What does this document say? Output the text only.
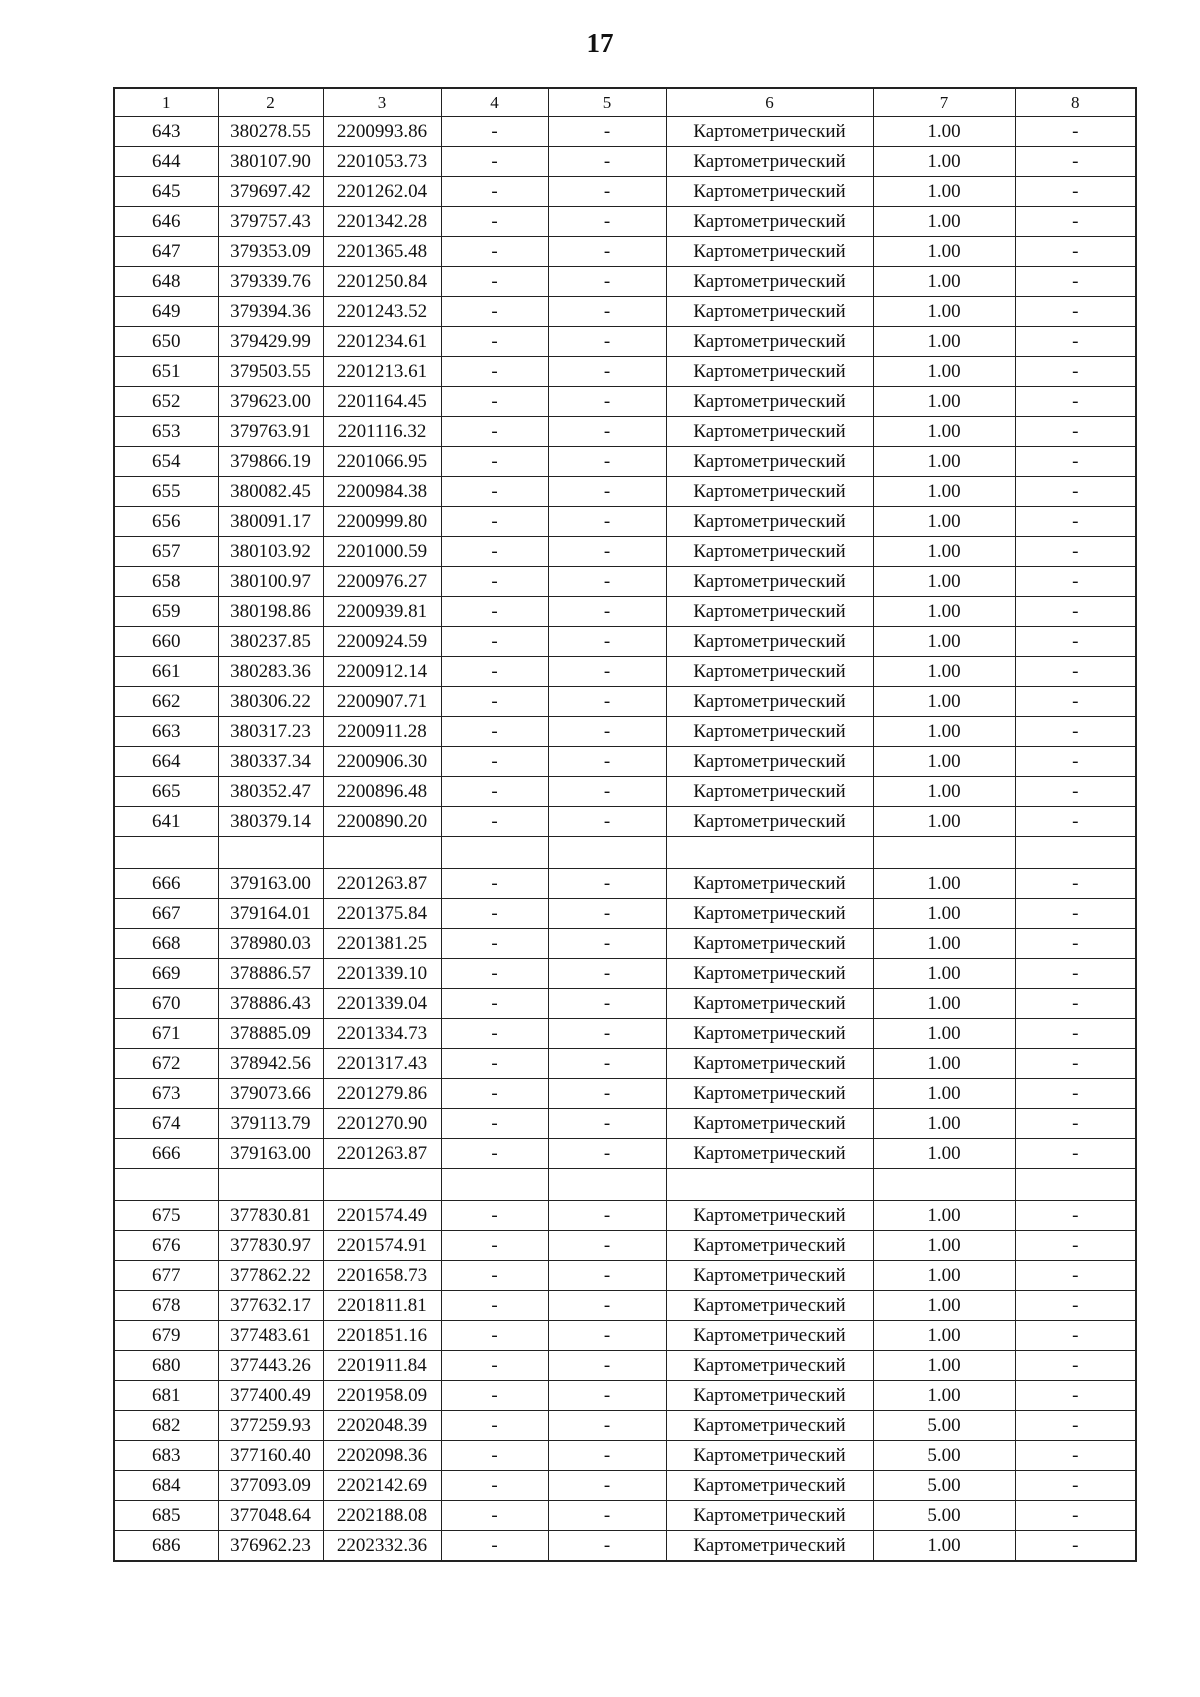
17
1	2	3	4	5	6	7	8
643	380278.55	2200993.86	-	-	Картометрический	1.00	-
644	380107.90	2201053.73	-	-	Картометрический	1.00	-
645	379697.42	2201262.04	-	-	Картометрический	1.00	-
646	379757.43	2201342.28	-	-	Картометрический	1.00	-
647	379353.09	2201365.48	-	-	Картометрический	1.00	-
648	379339.76	2201250.84	-	-	Картометрический	1.00	-
649	379394.36	2201243.52	-	-	Картометрический	1.00	-
650	379429.99	2201234.61	-	-	Картометрический	1.00	-
651	379503.55	2201213.61	-	-	Картометрический	1.00	-
652	379623.00	2201164.45	-	-	Картометрический	1.00	-
653	379763.91	2201116.32	-	-	Картометрический	1.00	-
654	379866.19	2201066.95	-	-	Картометрический	1.00	-
655	380082.45	2200984.38	-	-	Картометрический	1.00	-
656	380091.17	2200999.80	-	-	Картометрический	1.00	-
657	380103.92	2201000.59	-	-	Картометрический	1.00	-
658	380100.97	2200976.27	-	-	Картометрический	1.00	-
659	380198.86	2200939.81	-	-	Картометрический	1.00	-
660	380237.85	2200924.59	-	-	Картометрический	1.00	-
661	380283.36	2200912.14	-	-	Картометрический	1.00	-
662	380306.22	2200907.71	-	-	Картометрический	1.00	-
663	380317.23	2200911.28	-	-	Картометрический	1.00	-
664	380337.34	2200906.30	-	-	Картометрический	1.00	-
665	380352.47	2200896.48	-	-	Картометрический	1.00	-
641	380379.14	2200890.20	-	-	Картометрический	1.00	-

666	379163.00	2201263.87	-	-	Картометрический	1.00	-
667	379164.01	2201375.84	-	-	Картометрический	1.00	-
668	378980.03	2201381.25	-	-	Картометрический	1.00	-
669	378886.57	2201339.10	-	-	Картометрический	1.00	-
670	378886.43	2201339.04	-	-	Картометрический	1.00	-
671	378885.09	2201334.73	-	-	Картометрический	1.00	-
672	378942.56	2201317.43	-	-	Картометрический	1.00	-
673	379073.66	2201279.86	-	-	Картометрический	1.00	-
674	379113.79	2201270.90	-	-	Картометрический	1.00	-
666	379163.00	2201263.87	-	-	Картометрический	1.00	-

675	377830.81	2201574.49	-	-	Картометрический	1.00	-
676	377830.97	2201574.91	-	-	Картометрический	1.00	-
677	377862.22	2201658.73	-	-	Картометрический	1.00	-
678	377632.17	2201811.81	-	-	Картометрический	1.00	-
679	377483.61	2201851.16	-	-	Картометрический	1.00	-
680	377443.26	2201911.84	-	-	Картометрический	1.00	-
681	377400.49	2201958.09	-	-	Картометрический	1.00	-
682	377259.93	2202048.39	-	-	Картометрический	5.00	-
683	377160.40	2202098.36	-	-	Картометрический	5.00	-
684	377093.09	2202142.69	-	-	Картометрический	5.00	-
685	377048.64	2202188.08	-	-	Картометрический	5.00	-
686	376962.23	2202332.36	-	-	Картометрический	1.00	-
